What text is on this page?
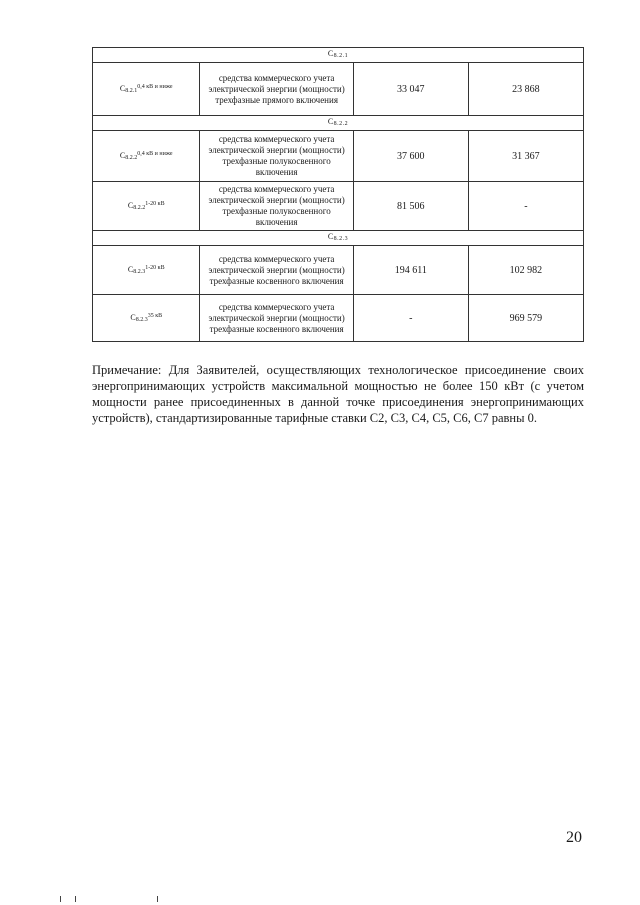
$С_{8.2.1}$
$С_{8.2.1}^{0,4 кВ и ниже}$	средства коммерческого учета электрической энергии (мощности) трехфазные прямого включения	33 047	23 868
$С_{8.2.2}$
$С_{8.2.2}^{0,4 кВ и ниже}$	средства коммерческого учета электрической энергии (мощности) трехфазные полукосвенного включения	37 600	31 367
$С_{8.2.2}^{1-20 кВ}$	средства коммерческого учета электрической энергии (мощности) трехфазные полукосвенного включения	81 506	-
$С_{8.2.3}$
$С_{8.2.3}^{1-20 кВ}$	средства коммерческого учета электрической энергии (мощности) трехфазные косвенного включения	194 611	102 982
$С_{8.2.3}^{35 кВ}$	средства коммерческого учета электрической энергии (мощности) трехфазные косвенного включения	-	969 579

Примечание: Для Заявителей, осуществляющих технологическое присоединение своих энергопринимающих устройств максимальной мощностью не более 150 кВт (с учетом мощности ранее присоединенных в данной точке присоединения энергопринимающих устройств), стандартизированные тарифные ставки С2, С3, С4, С5, С6, С7 равны 0.

20
